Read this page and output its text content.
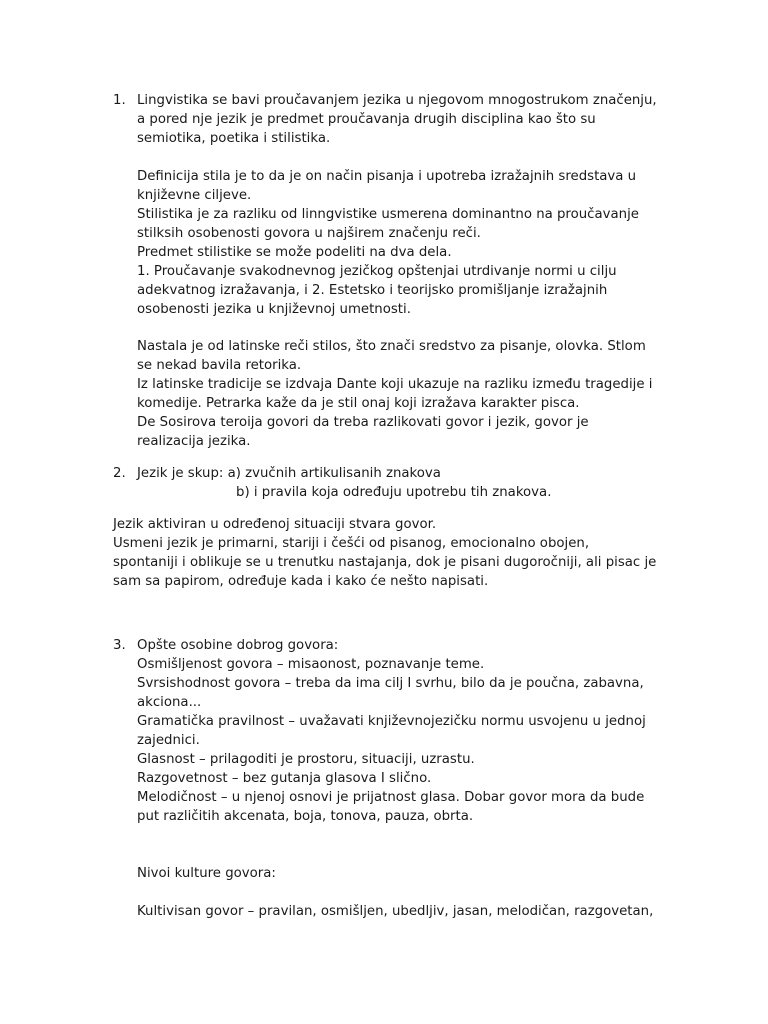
1. Lingvistika se bavi proučavanjem jezika u njegovom mnogostrukom značenju,
a pored nje jezik je predmet proučavanja drugih disciplina kao što su
semiotika, poetika i stilistika.
Definicija stila je to da je on način pisanja i upotreba izražajnih sredstava u
književne ciljeve.
Stilistika je za razliku od linngvistike usmerena dominantno na proučavanje
stilksih osobenosti govora u najširem značenju reči.
Predmet stilistike se može podeliti na dva dela.
1. Proučavanje svakodnevnog jezičkog opštenjai utrdivanje normi u cilju
adekvatnog izražavanja, i 2. Estetsko i teorijsko promišljanje izražajnih
osobenosti jezika u književnoj umetnosti.
Nastala je od latinske reči stilos, što znači sredstvo za pisanje, olovka. Stlom
se nekad bavila retorika.
Iz latinske tradicije se izdvaja Dante koji ukazuje na razliku između tragedije i
komedije. Petrarka kaže da je stil onaj koji izražava karakter pisca.
De Sosirova teroija govori da treba razlikovati govor i jezik, govor je
realizacija jezika.
2. Jezik je skup: a) zvučnih artikulisanih znakova
b) i pravila koja određuju upotrebu tih znakova.
Jezik aktiviran u određenoj situaciji stvara govor.
Usmeni jezik je primarni, stariji i češći od pisanog, emocionalno obojen,
spontaniji i oblikuje se u trenutku nastajanja, dok je pisani dugoročniji, ali pisac je
sam sa papirom, određuje kada i kako će nešto napisati.
3. Opšte osobine dobrog govora:
Osmišljenost govora – misaonost, poznavanje teme.
Svrsishodnost govora – treba da ima cilj I svrhu, bilo da je poučna, zabavna,
akciona...
Gramatička pravilnost – uvažavati književnojezičku normu usvojenu u jednoj
zajednici.
Glasnost – prilagoditi je prostoru, situaciji, uzrastu.
Razgovetnost – bez gutanja glasova I slično.
Melodičnost – u njenoj osnovi je prijatnost glasa. Dobar govor mora da bude
put različitih akcenata, boja, tonova, pauza, obrta.
Nivoi kulture govora:
Kultivisan govor – pravilan, osmišljen, ubedljiv, jasan, melodičan, razgovetan,
